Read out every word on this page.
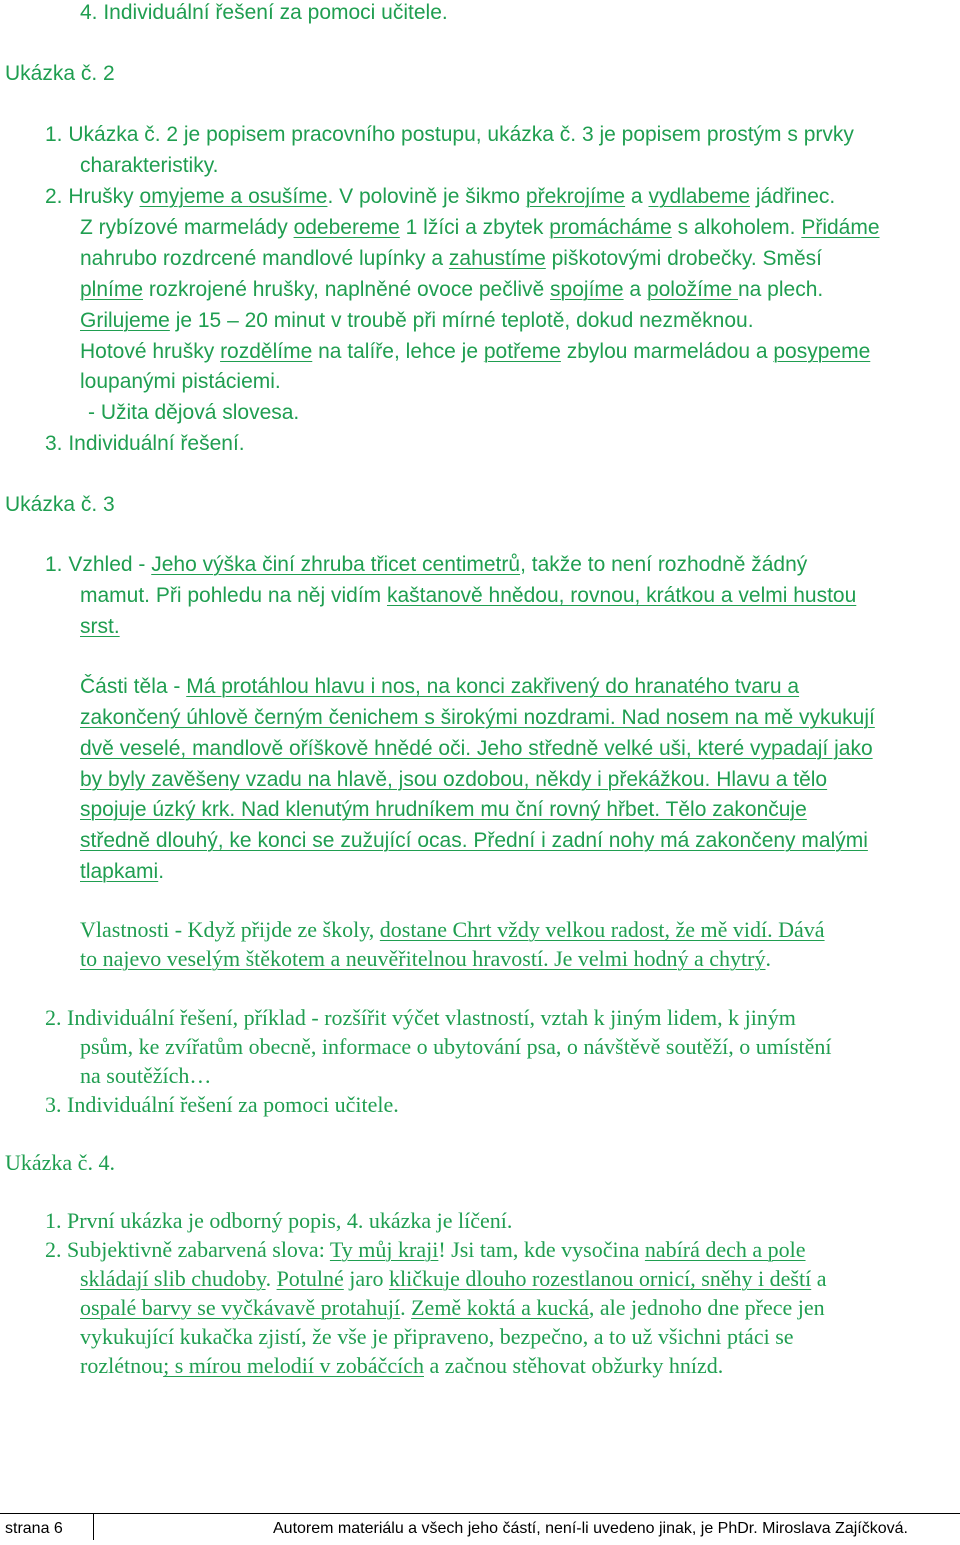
4. Individuální řešení za pomoci učitele.
Ukázka č. 2
1. Ukázka č. 2 je popisem pracovního postupu, ukázka č. 3 je popisem prostým s prvky
charakteristiky.
2. Hrušky omyjeme a osušíme. V polovině je šikmo překrojíme a vydlabeme jádřinec.
Z rybízové marmelády odebereme 1 lžíci a zbytek promácháme s alkoholem. Přidáme
nahrubo rozdrcené mandlové lupínky a zahustíme piškotovými drobečky. Směsí
plníme rozkrojené hrušky, naplněné ovoce pečlivě spojíme a položíme na plech.
Grilujeme je 15 – 20 minut v troubě při mírné teplotě, dokud nezměknou.
Hotové hrušky rozdělíme na talíře, lehce je potřeme zbylou marmeládou a posypeme
loupanými pistáciemi.
- Užita dějová slovesa.
3. Individuální řešení.
Ukázka č. 3
1. Vzhled - Jeho výška činí zhruba třicet centimetrů, takže to není rozhodně žádný
mamut. Při pohledu na něj vidím kaštanově hnědou, rovnou, krátkou a velmi hustou
srst.
Části těla - Má protáhlou hlavu i nos, na konci zakřivený do hranatého tvaru a
zakončený úhlově černým čenichem s širokými nozdrami. Nad nosem na mě vykukují
dvě veselé, mandlově oříškově hnědé oči. Jeho středně velké uši, které vypadají jako
by byly zavěšeny vzadu na hlavě, jsou ozdobou, někdy i překážkou. Hlavu a tělo
spojuje úzký krk. Nad klenutým hrudníkem mu ční rovný hřbet. Tělo zakončuje
středně dlouhý, ke konci se zužující ocas. Přední i zadní nohy má zakončeny malými
tlapkami.
Vlastnosti - Když přijde ze školy, dostane Chrt vždy velkou radost, že mě vidí. Dává
to najevo veselým štěkotem a neuvěřitelnou hravostí. Je velmi hodný a chytrý.
2. Individuální řešení, příklad - rozšířit výčet vlastností, vztah k jiným lidem, k jiným
psům, ke zvířatům obecně, informace o ubytování psa, o návštěvě soutěží, o umístění
na soutěžích…
3. Individuální řešení za pomoci učitele.
Ukázka č. 4.
1. První ukázka je odborný popis, 4. ukázka je líčení.
2. Subjektivně zabarvená slova: Ty můj kraji! Jsi tam, kde vysočina nabírá dech a pole
skládají slib chudoby. Potulné jaro kličkuje dlouho rozestlanou ornicí, sněhy i deští a
ospalé barvy se vyčkávavě protahují. Země koktá a kucká, ale jednoho dne přece jen
vykukující kukačka zjistí, že vše je připraveno, bezpečno, a to už všichni ptáci se
rozlétnou; s mírou melodií v zobáčcích a začnou stěhovat obžurky hnízd.
strana 6	Autorem materiálu a všech jeho částí, není-li uvedeno jinak, je PhDr. Miroslava Zajíčková.
